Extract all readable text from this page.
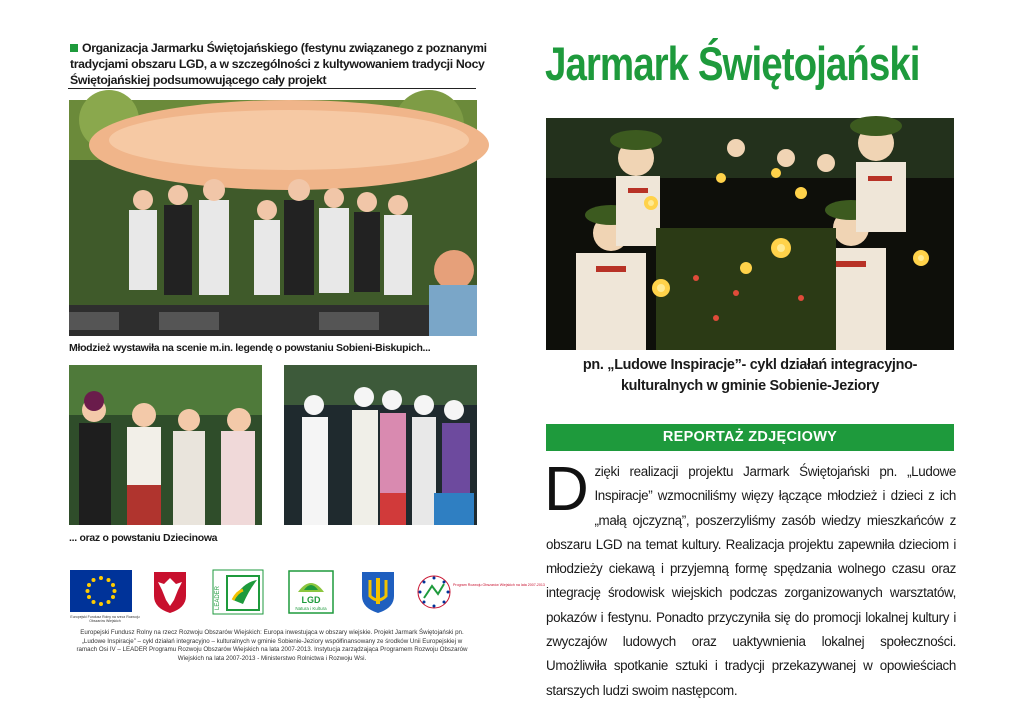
Organizacja Jarmarku Świętojańskiego (festynu związanego z poznanymi tradycjami obszaru LGD, a w szczególności z kultywowaniem tradycji Nocy Świętojańskiej podsumowującego cały projekt
Młodzież wystawiła na scenie m.in. legendę o powstaniu Sobieni-Biskupich...
... oraz o powstaniu Dziecinowa
Europejski Fundusz Rolny na rzecz Rozwoju Obszarów Wiejskich
LEADER	LGD
Natura i Kultura
Program Rozwoju Obszarów Wiejskich na lata 2007-2013
Europejski Fundusz Rolny na rzecz Rozwoju Obszarów Wiejskich: Europa inwestująca w obszary wiejskie. Projekt Jarmark Świętojański pn. „Ludowe Inspiracje” – cykl działań integracyjno – kulturalnych w gminie Sobienie-Jeziory współfinansowany ze środków Unii Europejskiej w ramach Osi IV – LEADER Programu Rozwoju Obszarów Wiejskich na lata 2007-2013. Instytucja zarządzająca Programem Rozwoju Obszarów Wiejskich na lata 2007-2013 - Ministerstwo Rolnictwa i Rozwoju Wsi.
Jarmark Świętojański
pn. „Ludowe Inspiracje”- cykl działań integracyjno-kulturalnych w gminie Sobienie-Jeziory
REPORTAŻ ZDJĘCIOWY
Dzięki realizacji projektu Jarmark Świętojański pn. „Ludowe Inspiracje” wzmocniliśmy więzy łączące młodzież i dzieci z ich „małą ojczyzną”, poszerzyliśmy zasób wiedzy mieszkańców z obszaru LGD na temat kultury. Realizacja projektu zapewniła dzieciom i młodzieży ciekawą i przyjemną formę spędzania wolnego czasu oraz integrację środowisk wiejskich podczas zorganizowanych warsztatów, pokazów i festynu. Ponadto przyczyniła się do promocji lokalnej kultury i zwyczajów ludowych oraz uaktywnienia lokalnej społeczności. Umożliwiła spotkanie sztuki i tradycji przekazywanej w opowieściach starszych ludzi swoim następcom.
